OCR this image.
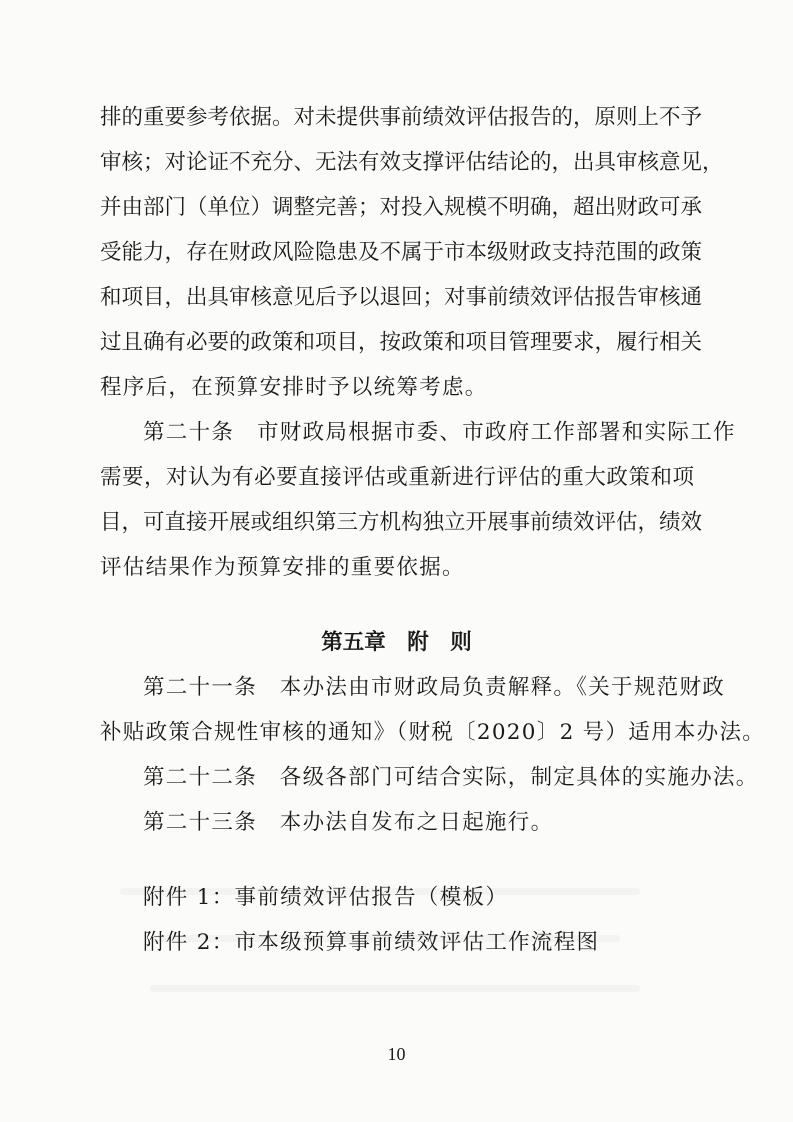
排的重要参考依据。对未提供事前绩效评估报告的，原则上不予
审核；对论证不充分、无法有效支撑评估结论的，出具审核意见，
并由部门（单位）调整完善；对投入规模不明确，超出财政可承
受能力，存在财政风险隐患及不属于市本级财政支持范围的政策
和项目，出具审核意见后予以退回；对事前绩效评估报告审核通
过且确有必要的政策和项目，按政策和项目管理要求，履行相关
程序后，在预算安排时予以统筹考虑。
第二十条　市财政局根据市委、市政府工作部署和实际工作
需要，对认为有必要直接评估或重新进行评估的重大政策和项
目，可直接开展或组织第三方机构独立开展事前绩效评估，绩效
评估结果作为预算安排的重要依据。
第五章　附　则
第二十一条　本办法由市财政局负责解释。《关于规范财政
补贴政策合规性审核的通知》（财税〔2020〕2 号）适用本办法。
第二十二条　各级各部门可结合实际，制定具体的实施办法。
第二十三条　本办法自发布之日起施行。
10
附件 1：事前绩效评估报告（模板）
附件 2：市本级预算事前绩效评估工作流程图
